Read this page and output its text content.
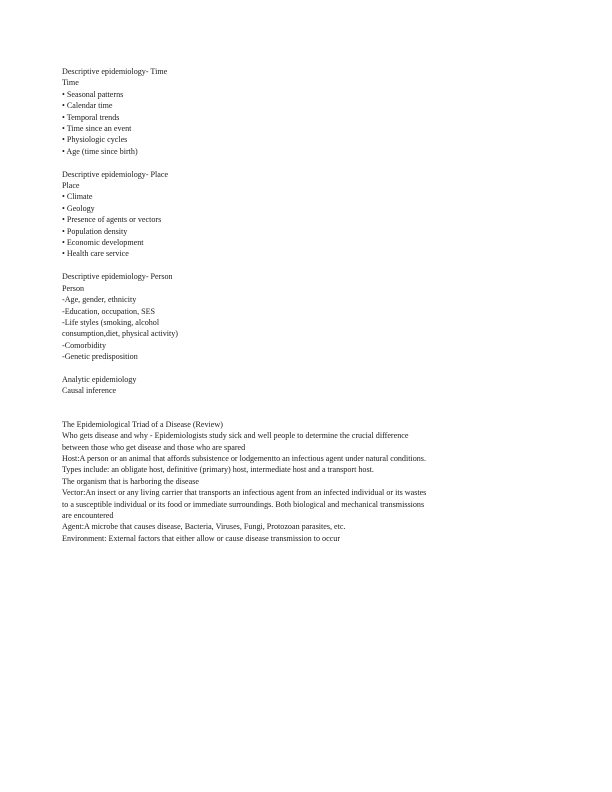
Descriptive epidemiology- Time
Time
• Seasonal patterns
• Calendar time
• Temporal trends
• Time since an event
• Physiologic cycles
• Age (time since birth)
Descriptive epidemiology- Place
Place
• Climate
• Geology
• Presence of agents or vectors
• Population density
• Economic development
• Health care service
Descriptive epidemiology- Person
Person
-Age, gender, ethnicity
-Education, occupation, SES
-Life styles (smoking, alcohol
consumption,diet, physical activity)
-Comorbidity
-Genetic predisposition
Analytic epidemiology
Causal inference
The Epidemiological Triad of a Disease (Review)
Who gets disease and why - Epidemiologists study sick and well people to determine the crucial difference between those who get disease and those who are spared
Host:A person or an animal that affords subsistence or lodgementto an infectious agent under natural conditions. Types include: an obligate host, definitive (primary) host, intermediate host and a transport host.
The organism that is harboring the disease
Vector:An insect or any living carrier that transports an infectious agent from an infected individual or its wastes to a susceptible individual or its food or immediate surroundings. Both biological and mechanical transmissions are encountered
Agent:A microbe that causes disease, Bacteria, Viruses, Fungi, Protozoan parasites, etc.
Environment: External factors that either allow or cause disease transmission to occur
